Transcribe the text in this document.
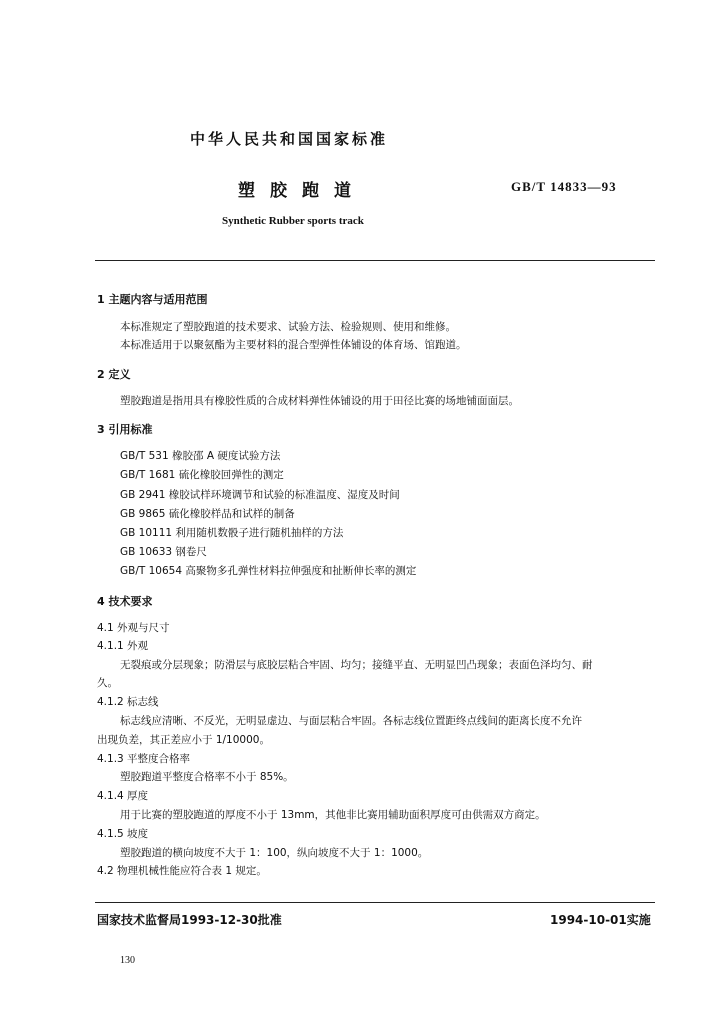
中华人民共和国国家标准
塑胶跑道	GB/T 14833—93
Synthetic Rubber sports track
1 主题内容与适用范围
本标准规定了塑胶跑道的技术要求、试验方法、检验规则、使用和维修。
本标准适用于以聚氨酯为主要材料的混合型弹性体铺设的体育场、馆跑道。
2 定义
塑胶跑道是指用具有橡胶性质的合成材料弹性体铺设的用于田径比赛的场地铺面面层。
3 引用标准
GB/T 531 橡胶邵 A 硬度试验方法
GB/T 1681 硫化橡胶回弹性的测定
GB 2941 橡胶试样环境调节和试验的标准温度、湿度及时间
GB 9865 硫化橡胶样品和试样的制备
GB 10111 利用随机数骰子进行随机抽样的方法
GB 10633 钢卷尺
GB/T 10654 高聚物多孔弹性材料拉伸强度和扯断伸长率的测定
4 技术要求
4.1 外观与尺寸
4.1.1 外观
无裂痕或分层现象；防滑层与底胶层粘合牢固、均匀；接缝平直、无明显凹凸现象；表面色泽均匀、耐
久。
4.1.2 标志线
标志线应清晰、不反光，无明显虚边、与面层粘合牢固。各标志线位置距终点线间的距离长度不允许
出现负差，其正差应小于 1/10000。
4.1.3 平整度合格率
塑胶跑道平整度合格率不小于 85%。
4.1.4 厚度
用于比赛的塑胶跑道的厚度不小于 13mm，其他非比赛用辅助面积厚度可由供需双方商定。
4.1.5 坡度
塑胶跑道的横向坡度不大于 1：100，纵向坡度不大于 1：1000。
4.2 物理机械性能应符合表 1 规定。
国家技术监督局1993-12-30批准	1994-10-01实施
130
